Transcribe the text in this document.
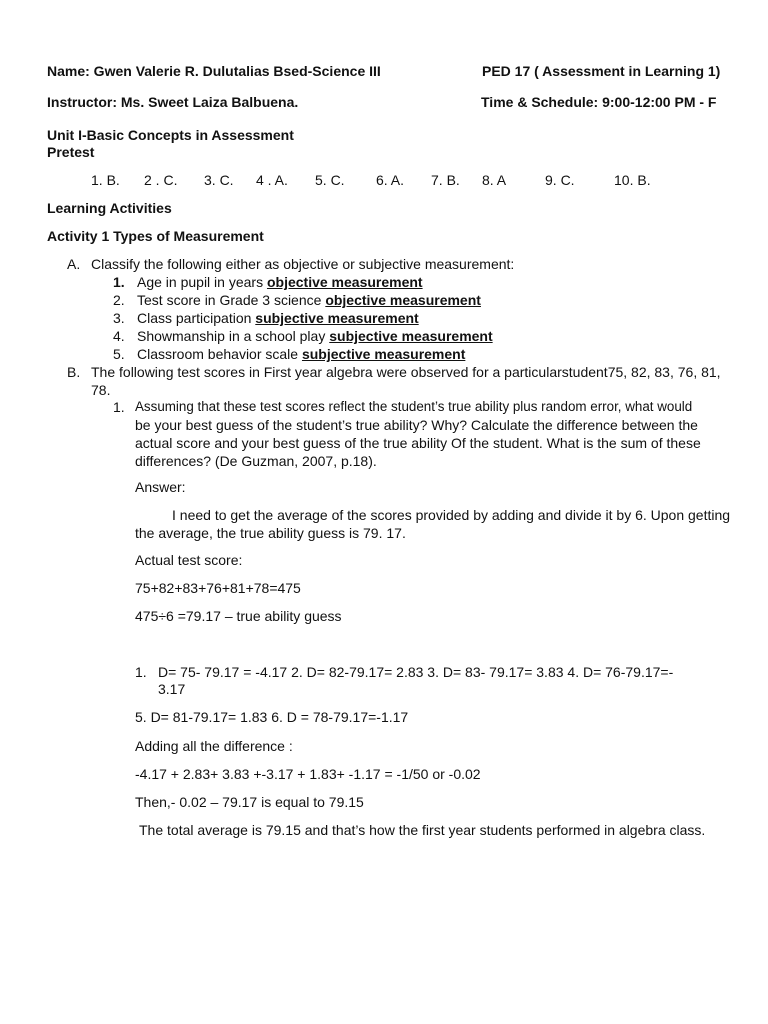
Name: Gwen Valerie R. Dulutalias Bsed-Science III	PED 17 ( Assessment in Learning 1)
Instructor: Ms. Sweet Laiza Balbuena.	Time & Schedule: 9:00-12:00 PM - F
Unit I-Basic Concepts in Assessment
Pretest
1. B. 2 . C. 3. C. 4 . A. 5. C. 6. A. 7. B. 8. A	9. C.	10. B.
Learning Activities
Activity 1 Types of Measurement
A. Classify the following either as objective or subjective measurement:
1. Age in pupil in years objective measurement
2. Test score in Grade 3 science objective measurement
3. Class participation subjective measurement
4. Showmanship in a school play subjective measurement
5. Classroom behavior scale subjective measurement
B. The following test scores in First year algebra were observed for a particularstudent75, 82, 83, 76, 81,
78.
1. Assuming that these test scores reflect the student’s true ability plus random error, what would
be your best guess of the student’s true ability? Why? Calculate the difference between the
actual score and your best guess of the true ability Of the student. What is the sum of these
differences? (De Guzman, 2007, p.18).
Answer:
I need to get the average of the scores provided by adding and divide it by 6. Upon getting
the average, the true ability guess is 79. 17.
Actual test score:
75+82+83+76+81+78=475
475÷6 =79.17 – true ability guess
1. D= 75- 79.17 = -4.17 2. D= 82-79.17= 2.83 3. D= 83- 79.17= 3.83 4. D= 76-79.17=-
3.17
5. D= 81-79.17= 1.83 6. D = 78-79.17=-1.17
Adding all the difference :
-4.17 + 2.83+ 3.83 +-3.17 + 1.83+ -1.17 = -1/50 or -0.02
Then,- 0.02 – 79.17 is equal to 79.15
The total average is 79.15 and that’s how the first year students performed in algebra class.
